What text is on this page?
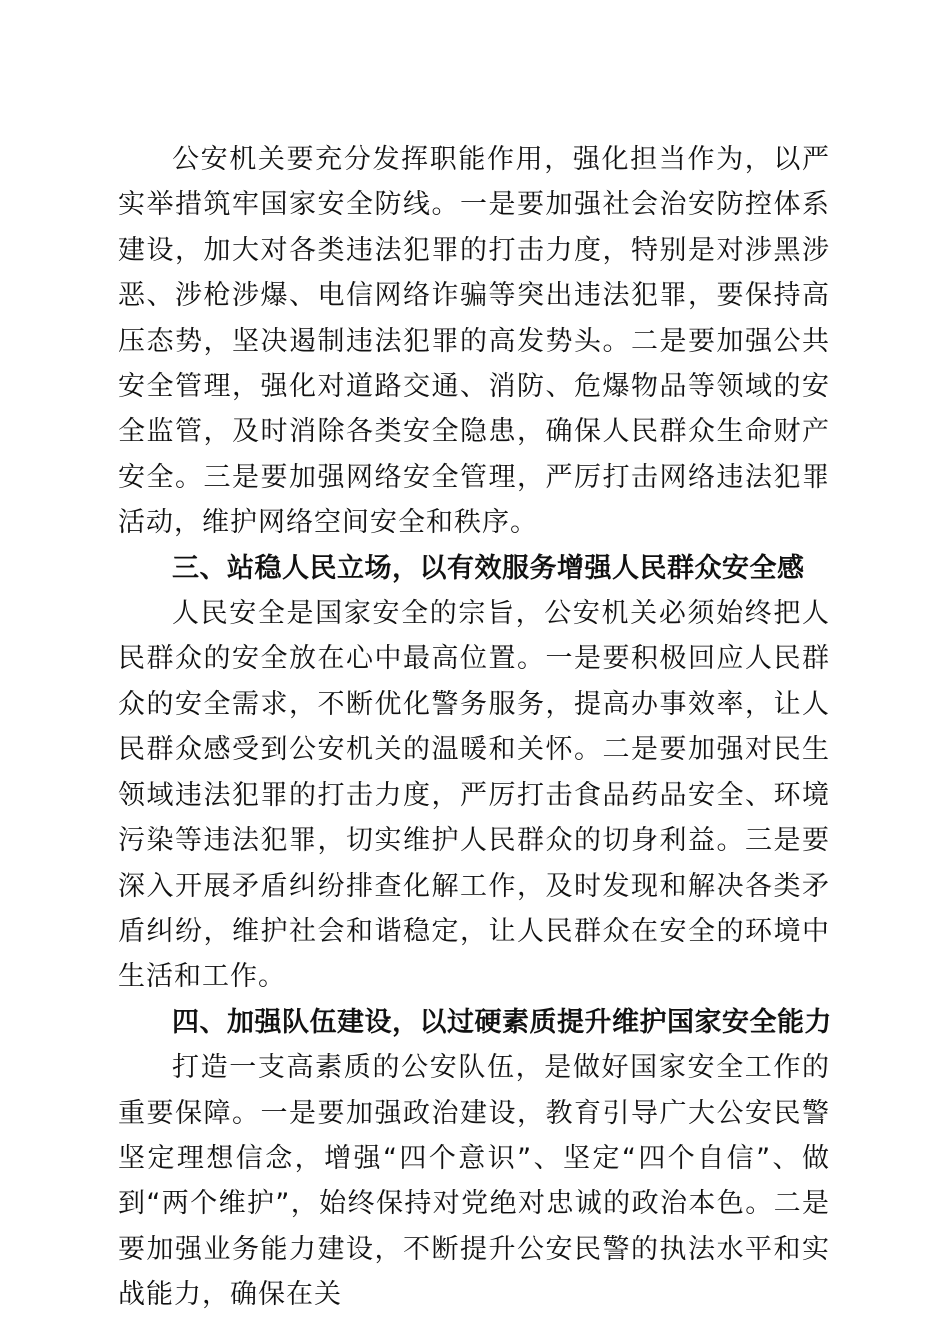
公安机关要充分发挥职能作用，强化担当作为，以严实举措筑牢国家安全防线。一是要加强社会治安防控体系建设，加大对各类违法犯罪的打击力度，特别是对涉黑涉恶、涉枪涉爆、电信网络诈骗等突出违法犯罪，要保持高压态势，坚决遏制违法犯罪的高发势头。二是要加强公共安全管理，强化对道路交通、消防、危爆物品等领域的安全监管，及时消除各类安全隐患，确保人民群众生命财产安全。三是要加强网络安全管理，严厉打击网络违法犯罪活动，维护网络空间安全和秩序。

三、站稳人民立场，以有效服务增强人民群众安全感

人民安全是国家安全的宗旨，公安机关必须始终把人民群众的安全放在心中最高位置。一是要积极回应人民群众的安全需求，不断优化警务服务，提高办事效率，让人民群众感受到公安机关的温暖和关怀。二是要加强对民生领域违法犯罪的打击力度，严厉打击食品药品安全、环境污染等违法犯罪，切实维护人民群众的切身利益。三是要深入开展矛盾纠纷排查化解工作，及时发现和解决各类矛盾纠纷，维护社会和谐稳定，让人民群众在安全的环境中生活和工作。

四、加强队伍建设，以过硬素质提升维护国家安全能力

打造一支高素质的公安队伍，是做好国家安全工作的重要保障。一是要加强政治建设，教育引导广大公安民警坚定理想信念，增强“四个意识”、坚定“四个自信”、做到“两个维护”，始终保持对党绝对忠诚的政治本色。二是要加强业务能力建设，不断提升公安民警的执法水平和实战能力，确保在关
